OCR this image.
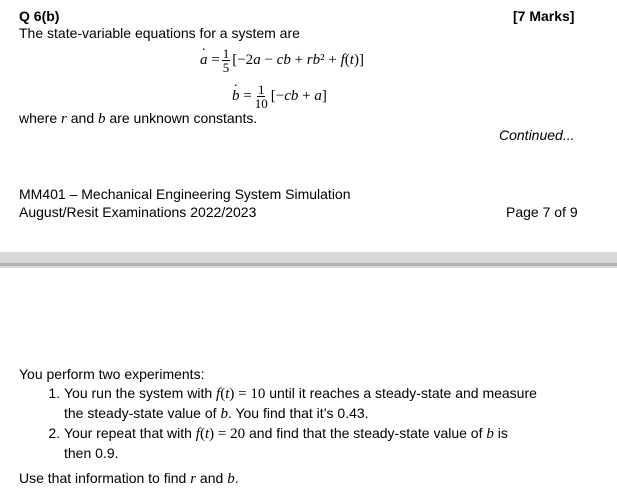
Q 6(b)	[7 Marks]
The state-variable equations for a system are
a · = $\frac{1}{5} [-2a$ − cb + rb² + f(t)]
b · = $\frac{1}{10} [-cb + a]$
where r and b are unknown constants.
Continued...
MM401 – Mechanical Engineering System Simulation
August/Resit Examinations 2022/2023	Page 7 of 9
You perform two experiments:
1. You run the system with f(t) = 10 until it reaches a steady-state and measure
the steady-state value of b. You find that it’s 0.43.
2. Your repeat that with f(t) = 20 and find that the steady-state value of b is
then 0.9.
Use that information to find r and b.
